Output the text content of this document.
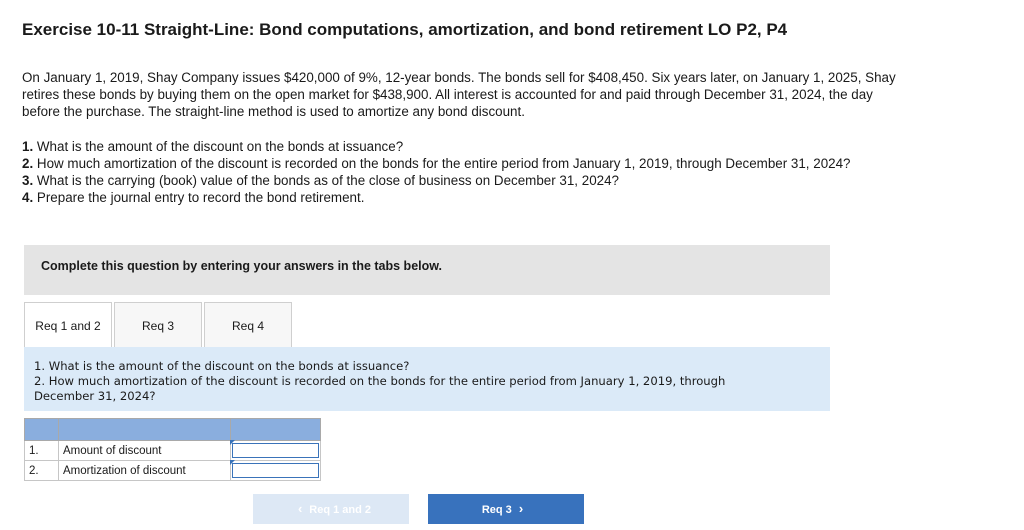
Exercise 10-11 Straight-Line: Bond computations, amortization, and bond retirement LO P2, P4
On January 1, 2019, Shay Company issues $420,000 of 9%, 12-year bonds. The bonds sell for $408,450. Six years later, on January 1, 2025, Shay retires these bonds by buying them on the open market for $438,900. All interest is accounted for and paid through December 31, 2024, the day before the purchase. The straight-line method is used to amortize any bond discount.

1. What is the amount of the discount on the bonds at issuance?

2. How much amortization of the discount is recorded on the bonds for the entire period from January 1, 2019, through December 31, 2024?

3. What is the carrying (book) value of the bonds as of the close of business on December 31, 2024?

4. Prepare the journal entry to record the bond retirement.

Complete this question by entering your answers in the tabs below.
Req 1 and 2	Req 3	Req 4

1. What is the amount of the discount on the bonds at issuance?

2. How much amortization of the discount is recorded on the bonds for the entire period from January 1, 2019, through

December 31, 2024?

1.	Amount of discount	

2.	Amortization of discount	
‹ Req 1 and 2	Req 3 ›
